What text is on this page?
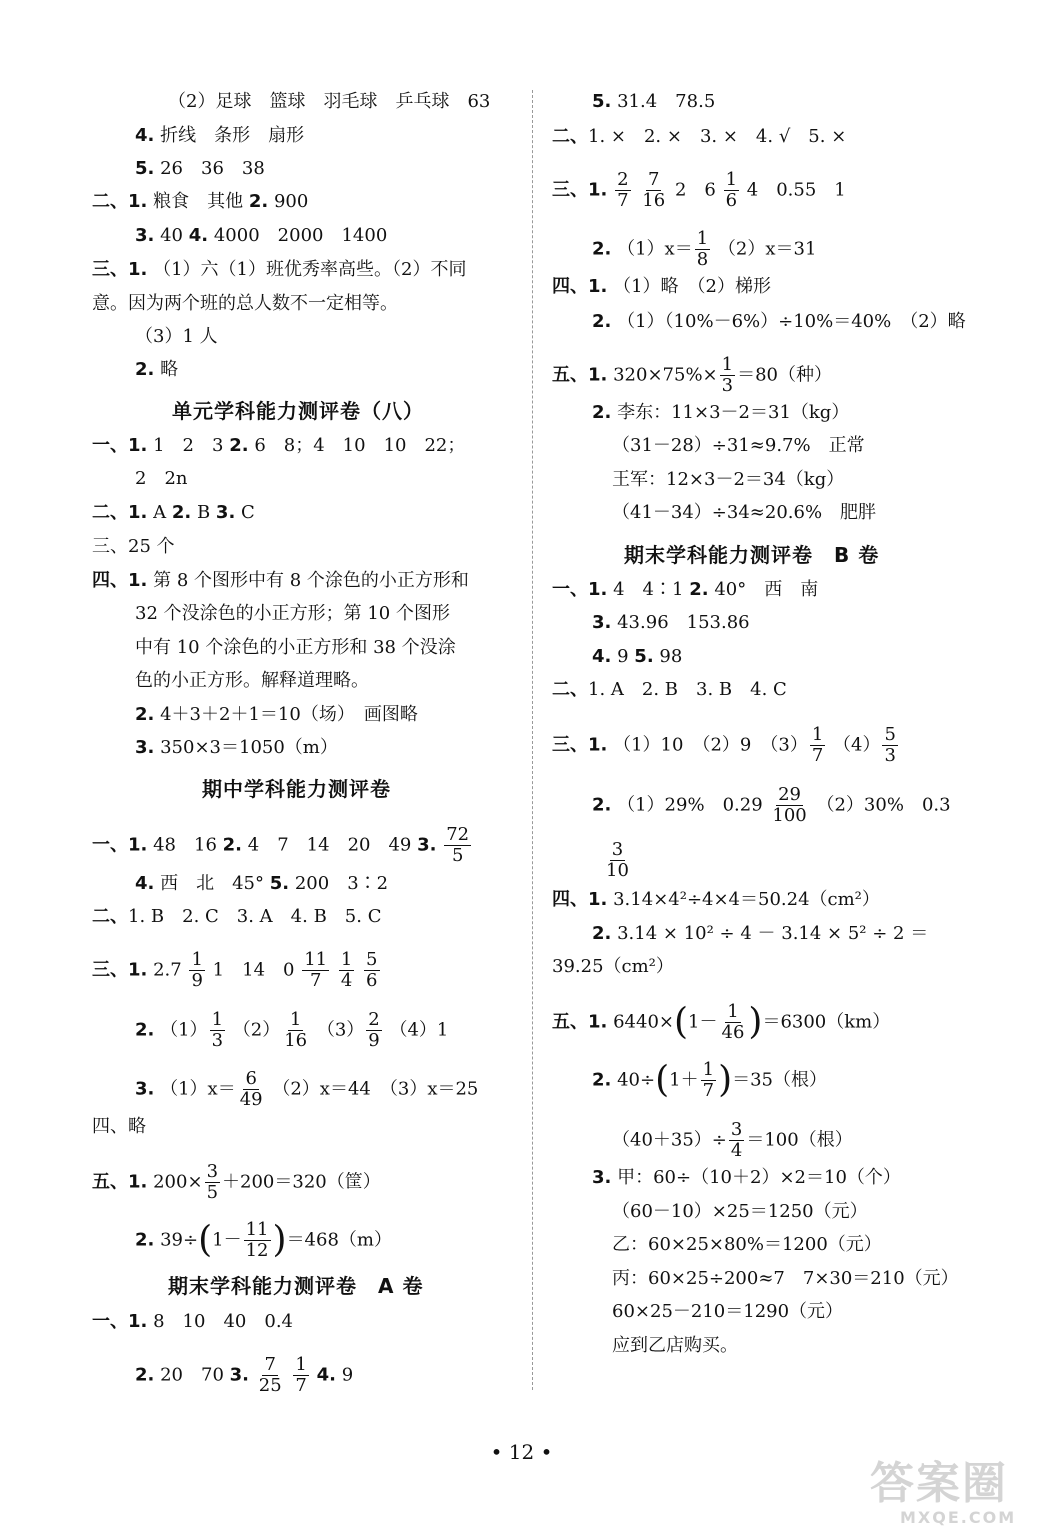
（2）足球　篮球　羽毛球　乒乓球　63
4. 折线　条形　扇形
5. 26　36　38
二、1. 粮食　其他 2. 900
3. 40 4. 4000　2000　1400
三、1. （1）六（1）班优秀率高些。（2）不同
意。因为两个班的总人数不一定相等。
（3）1 人
2. 略
单元学科能力测评卷（八）
一、1. 1　2　3 2. 6　8；4　10　10　22；
2　2n
二、1. A 2. B 3. C
三、25 个
四、1. 第 8 个图形中有 8 个涂色的小正方形和
32 个没涂色的小正方形；第 10 个图形
中有 10 个涂色的小正方形和 38 个没涂
色的小正方形。解释道理略。
2. 4＋3＋2＋1＝10（场）　画图略
3. 350×3＝1050（m）
期中学科能力测评卷
一、1. 48　16 2. 4　7　14　20　49 3. $\frac{72}{5}$
4. 西　北　45° 5. 200　3∶2
二、1. B　2. C　3. A　4. B　5. C
三、1. $2.7 \frac{1}{9} 1$　14　$0 \frac{11}{7}$
$\frac{1}{4}$
$\frac{5}{6}$
2. $(1) \frac{1}{3} (2) \frac{1}{16} (3) \frac{2}{9} (4)1$
3. $(1)x= \frac{6}{49} (2)x=44$　（3）x＝25
四、略
五、1. $200\times \frac{3}{5} +200=320$（筐）
2. $39\div(1- \frac{11}{12} )=468(m)$
期末学科能力测评卷　A 卷
一、1. 8　10　40　0.4
2. 20　70 3. $\frac{7}{25}$
$\frac{1}{7} 4$. 9
5. 31.4　78.5
二、1. ×　2. ×　3. ×　4. √　5. ×
三、1. $\frac{2}{7}$
$\frac{7}{16} 2$　$6 \frac{1}{6} 4$　0.55　1
2. $(1)x= \frac{1}{8} (2)x=31$
四、1. （1）略　（2）梯形
2. （1）（10%－6%）÷10%＝40%　（2）略
五、1. $320\times 75\%\times \frac{1}{3} =80$（种）
2. 李东：11×3－2＝31（kg）
（31－28）÷31≈9.7%　正常
王军：12×3－2＝34（kg）
（41－34）÷34≈20.6%　肥胖
期末学科能力测评卷　B 卷
一、1. 4　4∶1 2. 40°　西　南
3. 43.96　153.86
4. 9 5. 98
二、1. A　2. B　3. B　4. C
三、1. （1）10　（2）9　$(3) \frac{1}{7} (4) \frac{5}{3}$
2. （1）29%　$0.29 \frac{29}{100} (2)30\%$　0.3
$\frac{3}{10}$
四、1. 3.14×4²÷4×4＝50.24（cm²）
2. 3.14 × 10² ÷ 4 － 3.14 × 5² ÷ 2 ＝
39.25（cm²）
五、1. $6440\times(1- \frac{1}{46} )=6300(km)$
2. $40\div(1+ \frac{1}{7} )=35$（根）
$(40+35)\div \frac{3}{4} =100$（根）
3. 甲：60÷（10＋2）×2＝10（个）
（60－10）×25＝1250（元）
乙：60×25×80%＝1200（元）
丙：60×25÷200≈7　7×30＝210（元）
60×25－210＝1290（元）
应到乙店购买。
• 12 •
答案圈
MXQE.COM
